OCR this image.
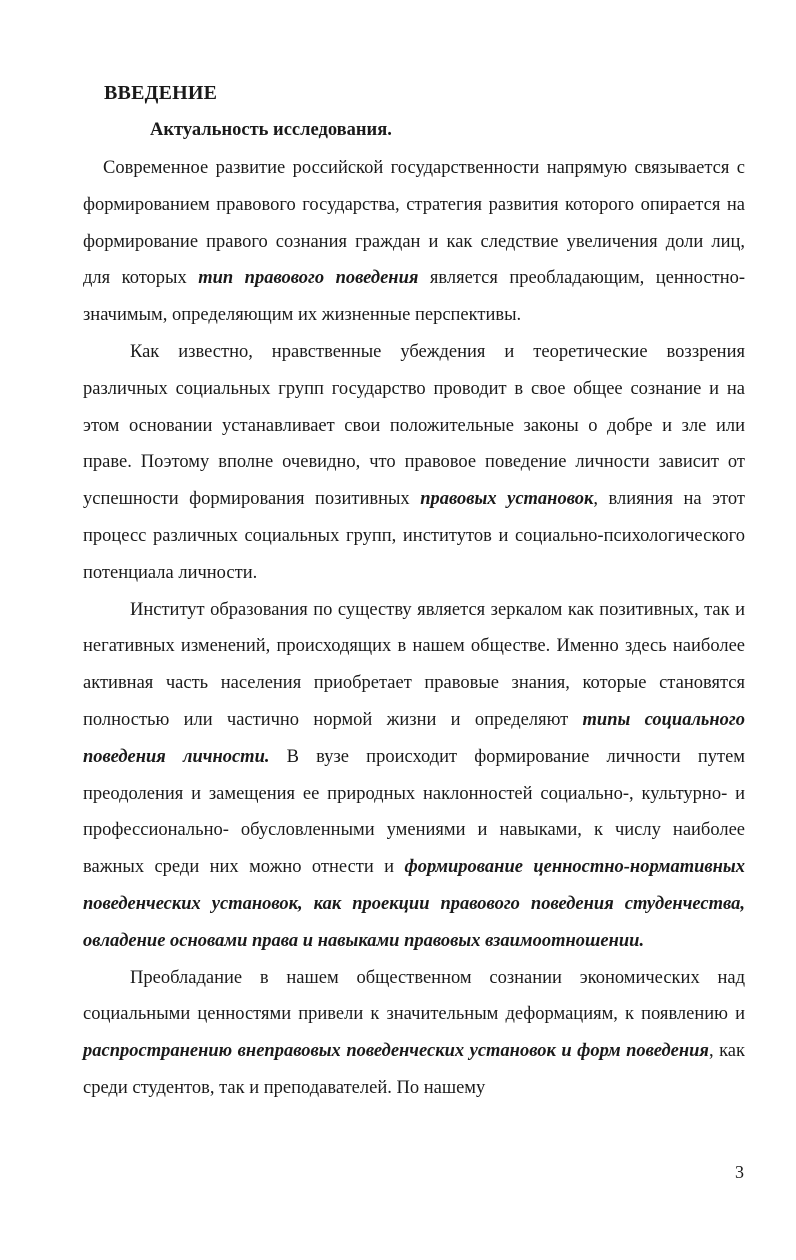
ВВЕДЕНИЕ
Актуальность исследования.

Современное развитие российской государственности напрямую связывается с формированием правового государства, стратегия развития которого опирается на формирование правого сознания граждан и как следствие увеличения доли лиц, для которых тип правового поведения является преобладающим, ценностно-значимым, определяющим их жизненные перспективы.

Как известно, нравственные убеждения и теоретические воззрения различных социальных групп государство проводит в свое общее сознание и на этом основании устанавливает свои положительные законы о добре и зле или праве. Поэтому вполне очевидно, что правовое поведение личности зависит от успешности формирования позитивных правовых установок, влияния на этот процесс различных социальных групп, институтов и социально-психологического потенциала личности.

Институт образования по существу является зеркалом как позитивных, так и негативных изменений, происходящих в нашем обществе. Именно здесь наиболее активная часть населения приобретает правовые знания, которые становятся полностью или частично нормой жизни и определяют типы социального поведения личности. В вузе происходит формирование личности путем преодоления и замещения ее природных наклонностей социально-, культурно- и профессионально- обусловленными умениями и навыками, к числу наиболее важных среди них можно отнести и формирование ценностно-нормативных поведенческих установок, как проекции правового поведения студенчества, овладение основами права и навыками правовых взаимоотношении.

Преобладание в нашем общественном сознании экономических над социальными ценностями привели к значительным деформациям, к появлению и распространению внеправовых поведенческих установок и форм поведения, как среди студентов, так и преподавателей. По нашему

3
